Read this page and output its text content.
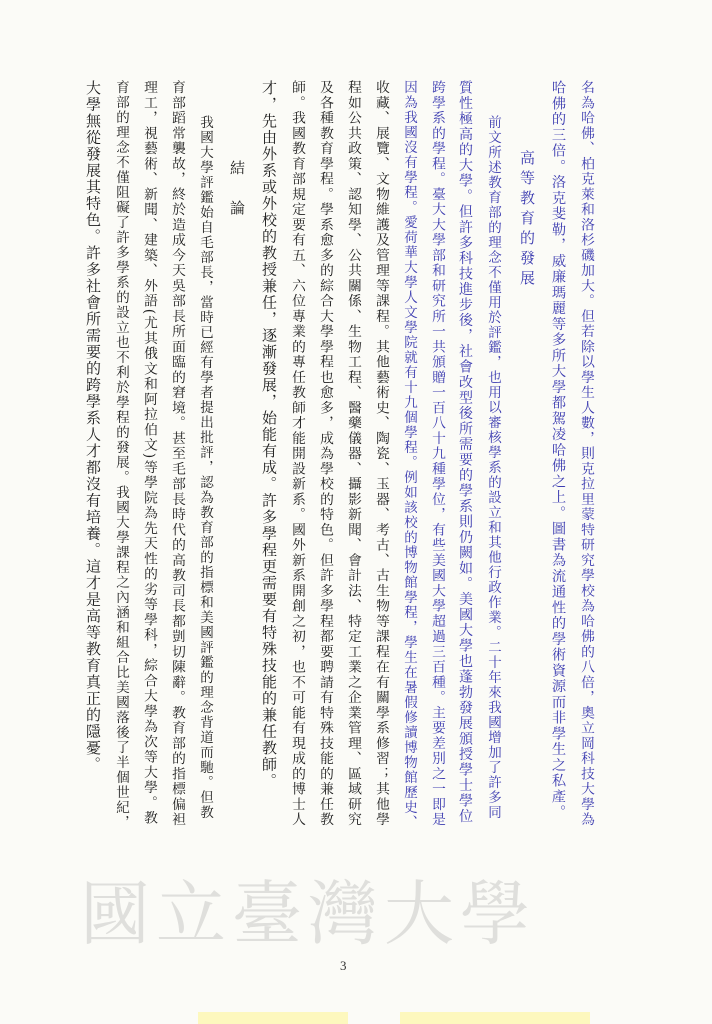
名為哈佛、柏克萊和洛杉磯加大。但若除以學生人數，則克拉里蒙特研究學校為哈佛的八倍，奧立岡科技大學為

哈佛的三倍。洛克斐勒，威廉瑪麗等多所大學都駕凌哈佛之上。圖書為流通性的學術資源而非學生之私產。

高等教育的發展

前文所述教育部的理念不僅用於評鑑，也用以審核學系的設立和其他行政作業。二十年來我國增加了許多同

質性極高的大學。但許多科技進步後，社會改型後所需要的學系則仍闕如。美國大學也蓬勃發展頒授學士學位

跨學系的學程。臺大大學部和研究所一共頒贈一百八十九種學位，有些美國大學超過三百種。主要差別之一即是

因為我國沒有學程。愛荷華大學人文學院就有十九個學程。例如該校的博物館學程，學生在暑假修讀博物館歷史、

收藏、展覽、文物維護及管理等課程。其他藝術史、陶瓷、玉器、考古、古生物等課程在有關學系修習；其他學

程如公共政策、認知學、公共關係、生物工程、醫藥儀器、攝影新聞、會計法、特定工業之企業管理、區域研究

及各種教育學程。學系愈多的綜合大學學程也愈多，成為學校的特色。但許多學程都要聘請有特殊技能的兼任教

師。我國教育部規定要有五、六位專業的專任教師才能開設新系。國外新系開創之初，也不可能有現成的博士人

才，先由外系或外校的教授兼任，逐漸發展，始能有成。許多學程更需要有特殊技能的兼任教師。

結　論

我國大學評鑑始自毛部長，當時已經有學者提出批評，認為教育部的指標和美國評鑑的理念背道而馳。但教

育部蹈常襲故，終於造成今天吳部長所面臨的窘境。甚至毛部長時代的高教司長都剴切陳辭。教育部的指標偏袒

理工，視藝術、新聞、建築、外語(尤其俄文和阿拉伯文)等學院為先天性的劣等學科，綜合大學為次等大學。教

育部的理念不僅阻礙了許多學系的設立也不利於學程的發展。我國大學課程之內涵和組合比美國落後了半個世紀，

大學無從發展其特色。許多社會所需要的跨學系人才都沒有培養。這才是高等教育真正的隱憂。

國立臺灣大學
3
